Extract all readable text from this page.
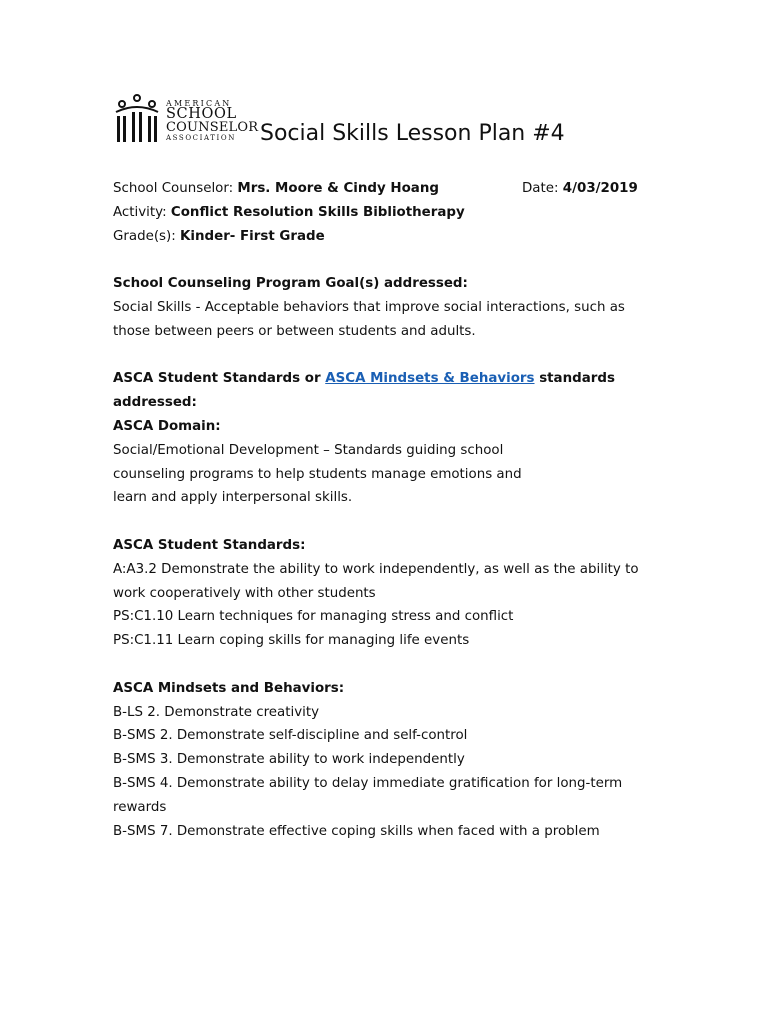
AMERICAN
SCHOOL
COUNSELOR
ASSOCIATION	Social Skills Lesson Plan #4
School Counselor: Mrs. Moore & Cindy Hoang	Date: 4/03/2019
Activity: Conflict Resolution Skills Bibliotherapy
Grade(s): Kinder- First Grade
School Counseling Program Goal(s) addressed:
Social Skills - Acceptable behaviors that improve social interactions, such as
those between peers or between students and adults.
ASCA Student Standards or ASCA Mindsets & Behaviors standards
addressed:
ASCA Domain:
Social/Emotional Development – Standards guiding school
counseling programs to help students manage emotions and
learn and apply interpersonal skills.
ASCA Student Standards:
A:A3.2 Demonstrate the ability to work independently, as well as the ability to
work cooperatively with other students
PS:C1.10 Learn techniques for managing stress and conflict
PS:C1.11 Learn coping skills for managing life events
ASCA Mindsets and Behaviors:
B-LS 2. Demonstrate creativity
B-SMS 2. Demonstrate self-discipline and self-control
B-SMS 3. Demonstrate ability to work independently
B-SMS 4. Demonstrate ability to delay immediate gratification for long-term
rewards
B-SMS 7. Demonstrate effective coping skills when faced with a problem
